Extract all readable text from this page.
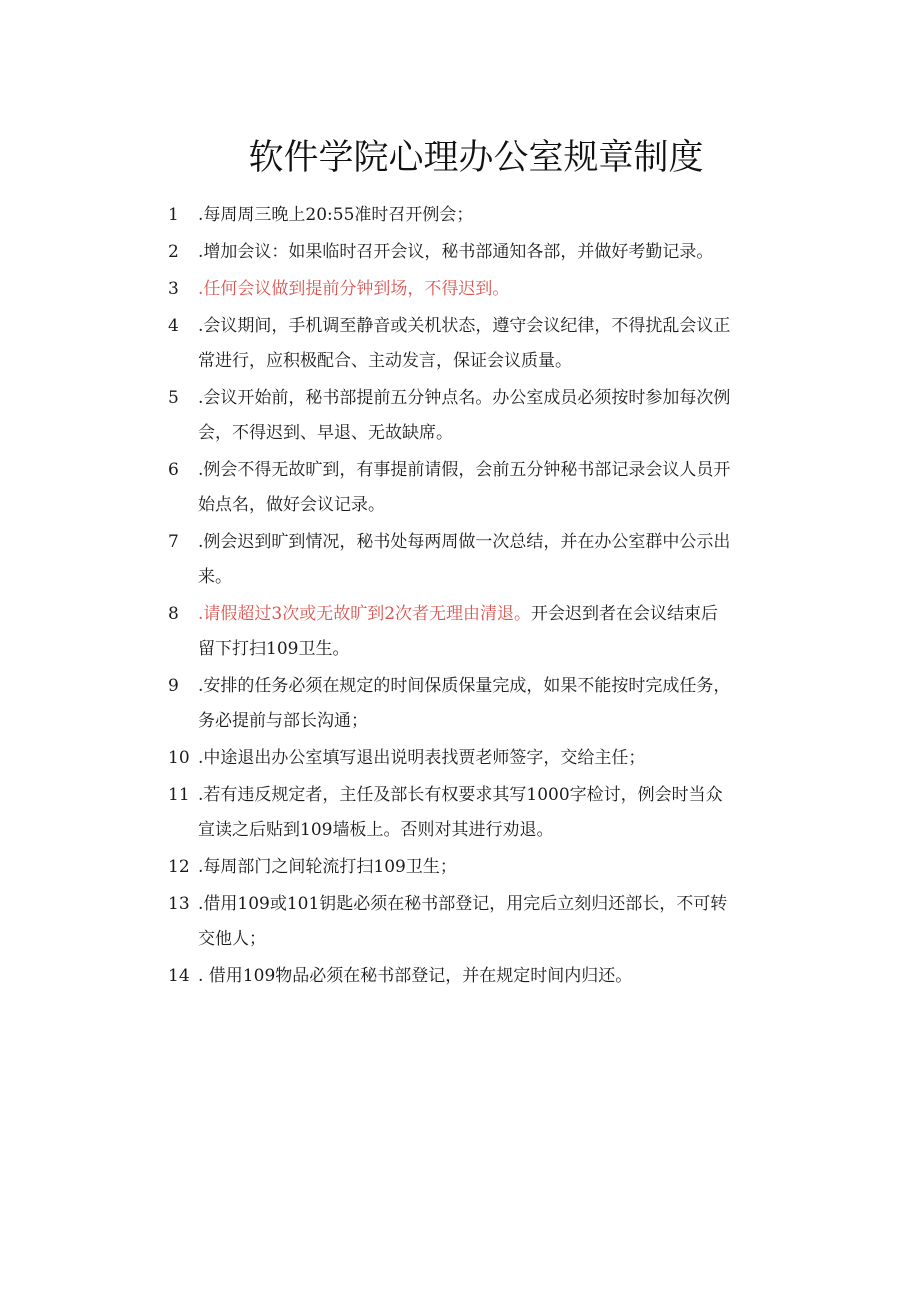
软件学院心理办公室规章制度
1	.每周周三晚上20:55准时召开例会；
2	.增加会议：如果临时召开会议，秘书部通知各部，并做好考勤记录。
3	.任何会议做到提前分钟到场，不得迟到。
4	.会议期间，手机调至静音或关机状态，遵守会议纪律，不得扰乱会议正
常进行，应积极配合、主动发言，保证会议质量。
5	.会议开始前，秘书部提前五分钟点名。办公室成员必须按时参加每次例
会，不得迟到、早退、无故缺席。
6	.例会不得无故旷到，有事提前请假，会前五分钟秘书部记录会议人员开
始点名，做好会议记录。
7	.例会迟到旷到情况，秘书处每两周做一次总结，并在办公室群中公示出
来。
8	.请假超过3次或无故旷到2次者无理由清退。开会迟到者在会议结束后
留下打扫109卫生。
9	.安排的任务必须在规定的时间保质保量完成，如果不能按时完成任务，
务必提前与部长沟通；
10 .中途退出办公室填写退出说明表找贾老师签字，交给主任；
11 .若有违反规定者，主任及部长有权要求其写1000字检讨，例会时当众
宣读之后贴到109墙板上。否则对其进行劝退。
12 .每周部门之间轮流打扫109卫生；
13 .借用109或101钥匙必须在秘书部登记，用完后立刻归还部长，不可转
交他人；
14 . 借用109物品必须在秘书部登记，并在规定时间内归还。
